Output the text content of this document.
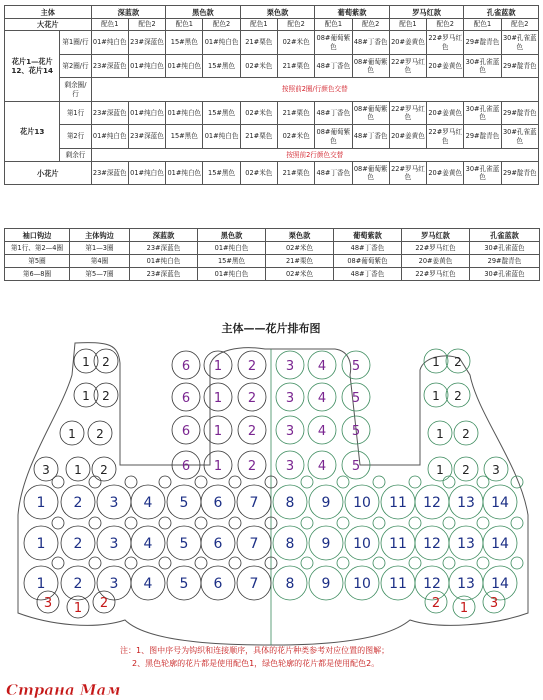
主体		深蓝款		黑色款		栗色款		葡萄紫款		罗马红款		孔雀蓝款	
大花片		配色1	配色2	配色1	配色2	配色1	配色2	配色1	配色2	配色1	配色2	配色1	配色2
花片1—花片12、花片14	第1圈/行	01#纯白色	23#深蓝色	15#黑色	01#纯白色	21#栗色	02#米色	08#葡萄紫色	48#丁香色	20#姜黄色	22#罗马红色	29#靛青色	30#孔雀蓝色
	第2圈/行	23#深蓝色	01#纯白色	01#纯白色	15#黑色	02#米色	21#栗色	48#丁香色	08#葡萄紫色	22#罗马红色	20#姜黄色	30#孔雀蓝色	29#靛青色
	剩余圈/行	按照前2圈/行颜色交替											
花片13	第1行	23#深蓝色	01#纯白色	01#纯白色	15#黑色	02#米色	21#栗色	48#丁香色	08#葡萄紫色	22#罗马红色	20#姜黄色	30#孔雀蓝色	29#靛青色
	第2行	01#纯白色	23#深蓝色	15#黑色	01#纯白色	21#栗色	02#米色	08#葡萄紫色	48#丁香色	20#姜黄色	22#罗马红色	29#靛青色	30#孔雀蓝色
	剩余行	按照前2行颜色交替											
小花片		23#深蓝色	01#纯白色	01#纯白色	15#黑色	02#米色	21#栗色	48#丁香色	08#葡萄紫色	22#罗马红色	20#姜黄色	30#孔雀蓝色	29#靛青色
袖口钩边	主体钩边	深蓝款	黑色款	栗色款	葡萄紫款	罗马红款	孔雀蓝款
第1行、第2—4圈	第1—3圈	23#深蓝色	01#纯白色	02#米色	48#丁香色	22#罗马红色	30#孔雀蓝色
第5圈	第4圈	01#纯白色	15#黑色	21#栗色	08#葡萄紫色	20#姜黄色	29#靛青色
第6—8圈	第5—7圈	23#深蓝色	01#纯白色	02#米色	48#丁香色	22#罗马红色	30#孔雀蓝色
主体——花片排布图
1 2 3 4 5 6 7 8 9 10 11 12 13 14
1 2 3 4 5 6 7 8 9 10 11 12 13 14
1 2 3 4 5 6 7 8 9 10 11 12 13 14
6 1 2 3 4 5
6 1 2 3 4 5
6 1 2 3 4 5
6 1 2 3 4 5
1 2
1 2
1 2
3 1 2
1 2
1 2
1 2
1 2 3
3 1 2	2 1 3
注：1、图中序号为钩织和连接顺序，具体的花片种类参考对应位置的图解；
2、黑色轮廓的花片都是使用配色1，绿色轮廓的花片都是使用配色2。
Страна Мам
